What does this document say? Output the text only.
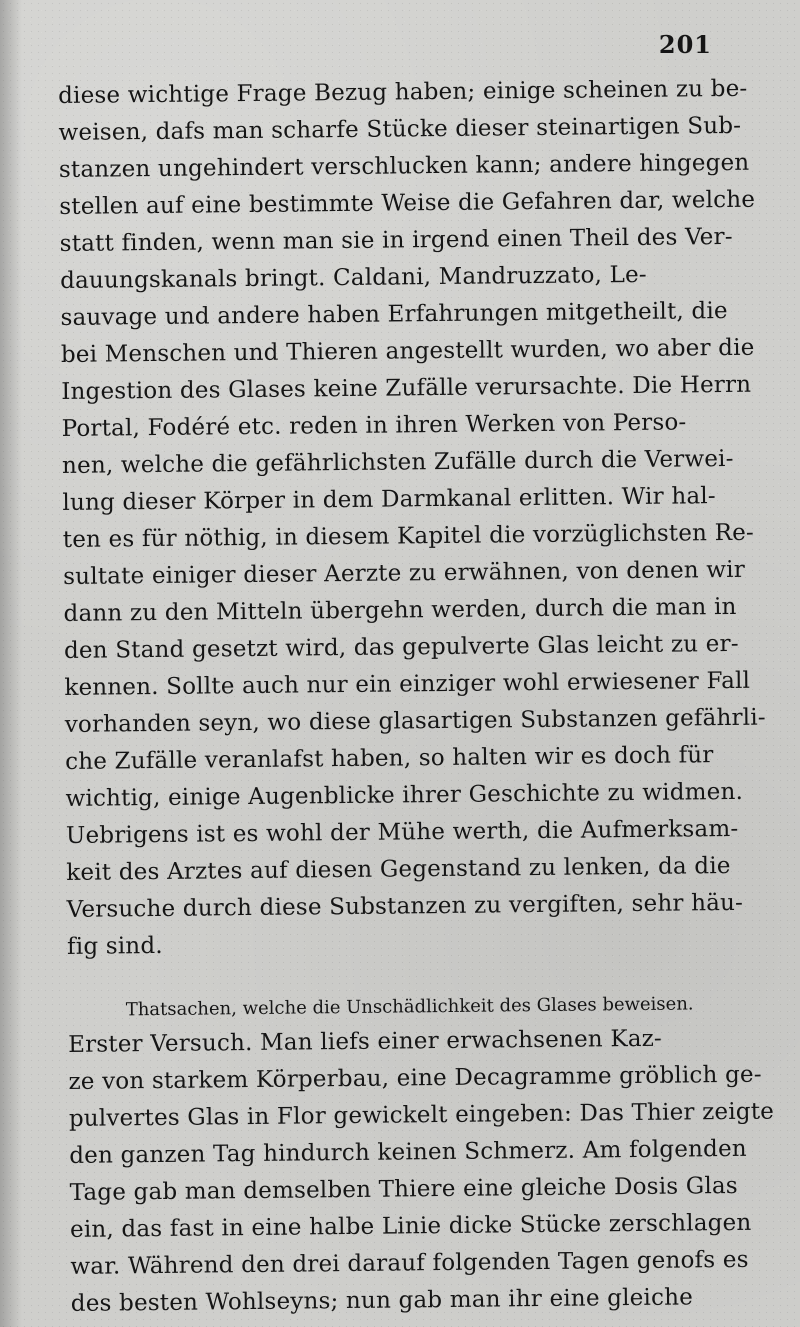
201
diese wichtige Frage Bezug haben; einige scheinen zu be-
weisen, dafs man scharfe Stücke dieser steinartigen Sub-
stanzen ungehindert verschlucken kann; andere hingegen
stellen auf eine bestimmte Weise die Gefahren dar, welche
statt finden, wenn man sie in irgend einen Theil des Ver-
dauungskanals bringt. Caldani, Mandruzzato, Le-
sauvage und andere haben Erfahrungen mitgetheilt, die
bei Menschen und Thieren angestellt wurden, wo aber die
Ingestion des Glases keine Zufälle verursachte. Die Herrn
Portal, Fodéré etc. reden in ihren Werken von Perso-
nen, welche die gefährlichsten Zufälle durch die Verwei-
lung dieser Körper in dem Darmkanal erlitten. Wir hal-
ten es für nöthig, in diesem Kapitel die vorzüglichsten Re-
sultate einiger dieser Aerzte zu erwähnen, von denen wir
dann zu den Mitteln übergehn werden, durch die man in
den Stand gesetzt wird, das gepulverte Glas leicht zu er-
kennen. Sollte auch nur ein einziger wohl erwiesener Fall
vorhanden seyn, wo diese glasartigen Substanzen gefährli-
che Zufälle veranlafst haben, so halten wir es doch für
wichtig, einige Augenblicke ihrer Geschichte zu widmen.
Uebrigens ist es wohl der Mühe werth, die Aufmerksam-
keit des Arztes auf diesen Gegenstand zu lenken, da die
Versuche durch diese Substanzen zu vergiften, sehr häu-
fig sind.
Thatsachen, welche die Unschädlichkeit des Glases beweisen.
Erster Versuch. Man liefs einer erwachsenen Kaz-
ze von starkem Körperbau, eine Decagramme gröblich ge-
pulvertes Glas in Flor gewickelt eingeben: Das Thier zeigte
den ganzen Tag hindurch keinen Schmerz. Am folgenden
Tage gab man demselben Thiere eine gleiche Dosis Glas
ein, das fast in eine halbe Linie dicke Stücke zerschlagen
war. Während den drei darauf folgenden Tagen genofs es
des besten Wohlseyns; nun gab man ihr eine gleiche
